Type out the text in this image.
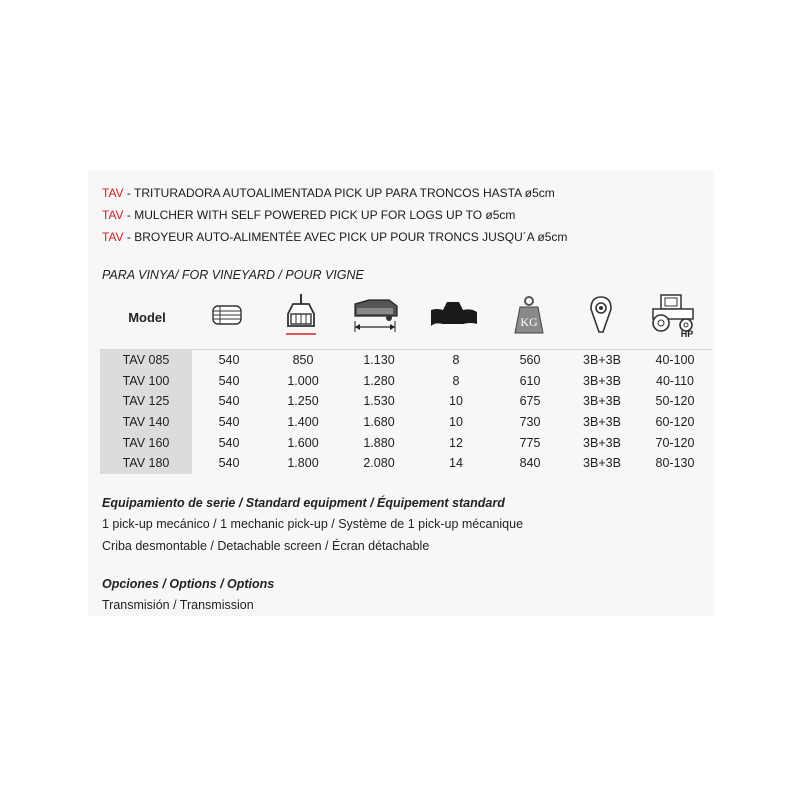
TAV - TRITURADORA AUTOALIMENTADA PICK UP PARA TRONCOS HASTA ø5cm
TAV - MULCHER WITH SELF POWERED PICK UP FOR LOGS UP TO ø5cm
TAV - BROYEUR AUTO-ALIMENTÉE AVEC PICK UP POUR TRONCS JUSQU´A ø5cm
PARA VINYA/ FOR VINEYARD / POUR VIGNE
Model	KG
HP
TAV 085	540	850	1.130	8	560	3B+3B	40-100
TAV 100	540	1.000	1.280	8	610	3B+3B	40-110
TAV 125	540	1.250	1.530	10	675	3B+3B	50-120
TAV 140	540	1.400	1.680	10	730	3B+3B	60-120
TAV 160	540	1.600	1.880	12	775	3B+3B	70-120
TAV 180	540	1.800	2.080	14	840	3B+3B	80-130
Equipamiento de serie / Standard equipment / Équipement standard
1 pick-up mecánico / 1 mechanic pick-up / Système de 1 pick-up mécanique
Criba desmontable / Detachable screen / Écran détachable
Opciones / Options / Options
Transmisión / Transmission
